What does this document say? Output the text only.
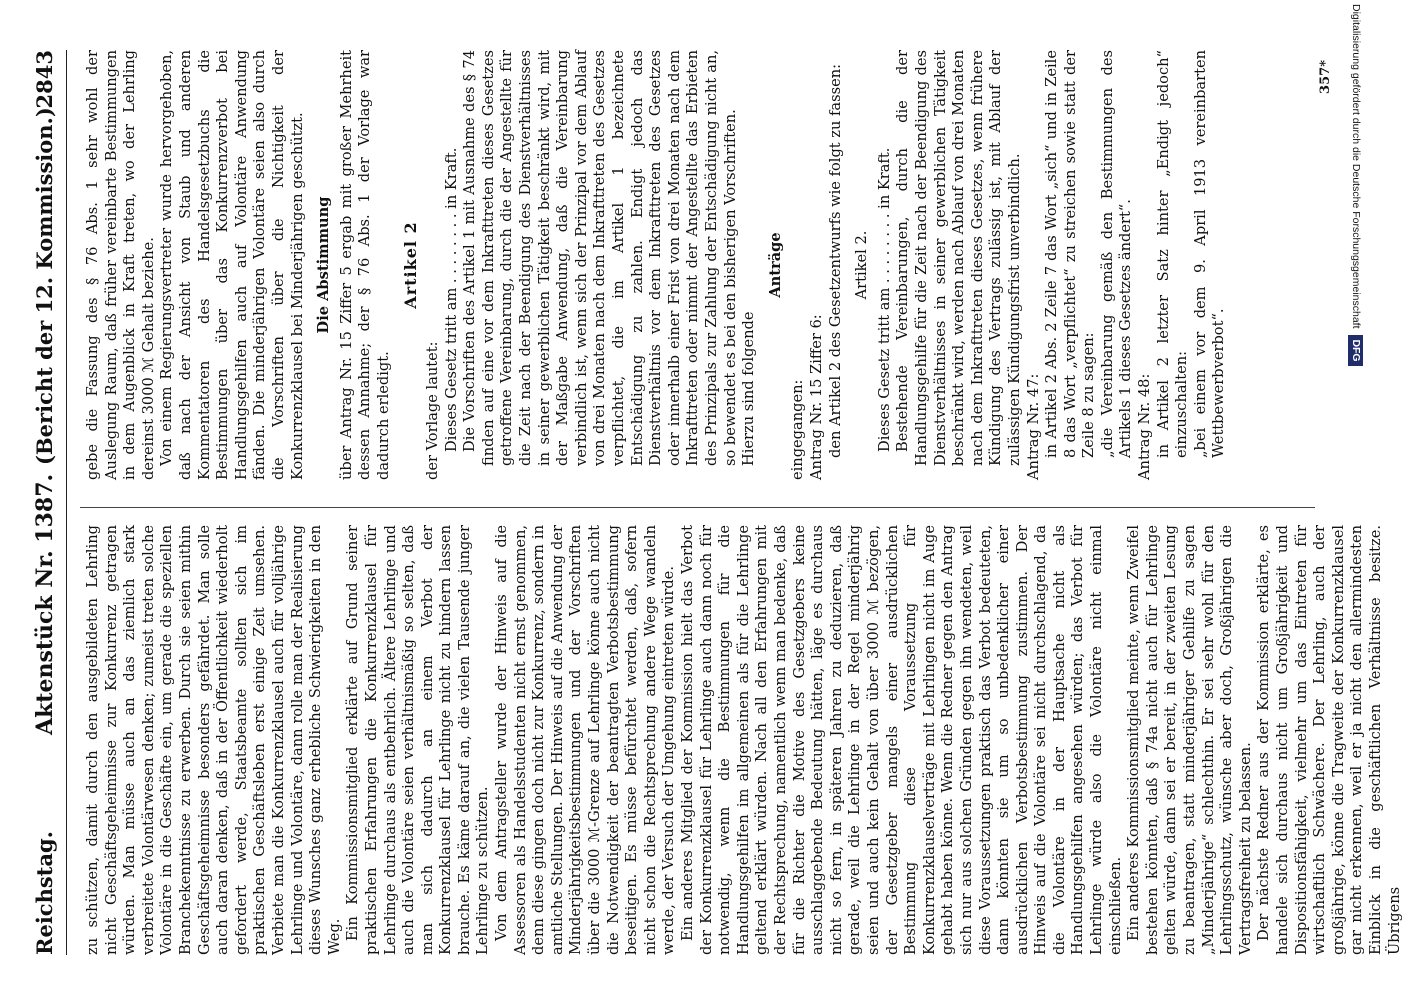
Reichstag.
Aktenstück Nr. 1387.
(Bericht der 12. Kommission.)
2843

zu schützen, damit durch den ausgebildeten Lehrling nicht Geschäftsgeheimnisse zur Konkurrenz getragen würden. Man müsse auch an das ziemlich stark verbreitete Volontärwesen denken; zumeist treten solche Volontäre in die Geschäfte ein, um gerade die speziellen Branchekenntnisse zu erwerben. Durch sie seien mithin Geschäftsgeheimnisse besonders gefährdet. Man solle auch daran denken, daß in der Öffentlichkeit wiederholt gefordert werde, Staatsbeamte sollten sich im praktischen Geschäftsleben erst einige Zeit umsehen. Verbiete man die Konkurrenzklausel auch für volljährige Lehrlinge und Volontäre, dann rolle man der Realisierung dieses Wunsches ganz erhebliche Schwierigkeiten in den Weg. Ein Kommissionsmitglied erklärte auf Grund seiner praktischen Erfahrungen die Konkurrenzklausel für Lehrlinge durchaus als entbehrlich. Ältere Lehrlinge und auch die Volontäre seien verhältnismäßig so selten, daß man sich dadurch an einem Verbot der Konkurrenzklausel für Lehrlinge nicht zu hindern lassen brauche. Es käme darauf an, die vielen Tausende junger Lehrlinge zu schützen. Von dem Antragsteller wurde der Hinweis auf die Assessoren als Handelsstudenten nicht ernst genommen, denn diese gingen doch nicht zur Konkurrenz, sondern in amtliche Stellungen. Der Hinweis auf die Anwendung der Minderjährigkeitsbestimmungen und der Vorschriften über die 3000 ℳ-Grenze auf Lehrlinge könne auch nicht die Notwendigkeit der beantragten Verbotsbestimmung beseitigen. Es müsse befürchtet werden, daß, sofern nicht schon die Rechtsprechung andere Wege wandeln werde, der Versuch der Umgehung eintreten würde. Ein anderes Mitglied der Kommission hielt das Verbot der Konkurrenzklausel für Lehrlinge auch dann noch für notwendig, wenn die Bestimmungen für die Handlungsgehilfen im allgemeinen als für die Lehrlinge geltend erklärt würden. Nach all den Erfahrungen mit der Rechtsprechung, namentlich wenn man bedenke, daß für die Richter die Motive des Gesetzgebers keine ausschlaggebende Bedeutung hätten, läge es durchaus nicht so fern, in späteren Jahren zu deduzieren, daß gerade, weil die Lehrlinge in der Regel minderjährig seien und auch kein Gehalt von über 3000 ℳ bezögen, der Gesetzgeber mangels einer ausdrücklichen Bestimmung diese Voraussetzung für Konkurrenzklauselverträge mit Lehrlingen nicht im Auge gehabt haben könne. Wenn die Redner gegen den Antrag sich nur aus solchen Gründen gegen ihn wendeten, weil diese Voraussetzungen praktisch das Verbot bedeuteten, dann könnten sie um so unbedenklicher einer ausdrücklichen Verbotsbestimmung zustimmen. Der Hinweis auf die Volontäre sei nicht durchschlagend, da die Volontäre in der Hauptsache nicht als Handlungsgehilfen angesehen würden; das Verbot für Lehrlinge würde also die Volontäre nicht einmal einschließen. Ein anderes Kommissionsmitglied meinte, wenn Zweifel bestehen könnten, daß § 74a nicht auch für Lehrlinge gelten würde, dann sei er bereit, in der zweiten Lesung zu beantragen, statt minderjähriger Gehilfe zu sagen „Minderjährige“ schlechthin. Er sei sehr wohl für den Lehrlingsschutz, wünsche aber doch, Großjährigen die Vertragsfreiheit zu belassen. Der nächste Redner aus der Kommission erklärte, es handele sich durchaus nicht um Großjährigkeit und Dispositionsfähigkeit, vielmehr um das Eintreten für wirtschaftlich Schwächere. Der Lehrling, auch der großjährige, könne die Tragweite der Konkurrenzklausel gar nicht erkennen, weil er ja nicht den allermindesten Einblick in die geschäftlichen Verhältnisse besitze. Übrigens

gebe die Fassung des § 76 Abs. 1 sehr wohl der Auslegung Raum, daß früher vereinbarte Bestimmungen in dem Augenblick in Kraft treten, wo der Lehrling dereinst 3000 ℳ Gehalt beziehe. Von einem Regierungsvertreter wurde hervorgehoben, daß nach der Ansicht von Staub und anderen Kommentatoren des Handelsgesetzbuchs die Bestimmungen über das Konkurrenzverbot bei Handlungsgehilfen auch auf Volontäre Anwendung fänden. Die minderjährigen Volontäre seien also durch die Vorschriften über die Nichtigkeit der Konkurrenzklausel bei Minderjährigen geschützt. Die Abstimmung über Antrag Nr. 15 Ziffer 5 ergab mit großer Mehrheit dessen Annahme; der § 76 Abs. 1 der Vorlage war dadurch erledigt.

Artikel 2

der Vorlage lautet: Dieses Gesetz tritt am . . . . . . . . in Kraft. Die Vorschriften des Artikel 1 mit Ausnahme des § 74 finden auf eine vor dem Inkrafttreten dieses Gesetzes getroffene Vereinbarung, durch die der Angestellte für die Zeit nach der Beendigung des Dienstverhältnisses in seiner gewerblichen Tätigkeit beschränkt wird, mit der Maßgabe Anwendung, daß die Vereinbarung verbindlich ist, wenn sich der Prinzipal vor dem Ablauf von drei Monaten nach dem Inkrafttreten des Gesetzes verpflichtet, die im Artikel 1 bezeichnete Entschädigung zu zahlen. Endigt jedoch das Dienstverhältnis vor dem Inkrafttreten des Gesetzes oder innerhalb einer Frist von drei Monaten nach dem Inkrafttreten oder nimmt der Angestellte das Erbieten des Prinzipals zur Zahlung der Entschädigung nicht an, so bewendet es bei den bisherigen Vorschriften. Hierzu sind folgende

Anträge

eingegangen: Antrag Nr. 15 Ziffer 6: den Artikel 2 des Gesetzentwurfs wie folgt zu fassen: Artikel 2. Dieses Gesetz tritt am . . . . . . . . in Kraft. Bestehende Vereinbarungen, durch die der Handlungsgehilfe für die Zeit nach der Beendigung des Dienstverhältnisses in seiner gewerblichen Tätigkeit beschränkt wird, werden nach Ablauf von drei Monaten nach dem Inkrafttreten dieses Gesetzes, wenn frühere Kündigung des Vertrags zulässig ist, mit Ablauf der zulässigen Kündigungsfrist unverbindlich. Antrag Nr. 47: in Artikel 2 Abs. 2 Zeile 7 das Wort „sich“ und in Zeile 8 das Wort „verpflichtet“ zu streichen sowie statt der Zeile 8 zu sagen: „die Vereinbarung gemäß den Bestimmungen des Artikels 1 dieses Gesetzes ändert“. Antrag Nr. 48: in Artikel 2 letzter Satz hinter „Endigt jedoch“ einzuschalten: „bei einem vor dem 9. April 1913 vereinbarten Wettbewerbverbot“.

357*	Digitalisierung gefördert durch die Deutsche Forschungsgemeinschaft DFG
